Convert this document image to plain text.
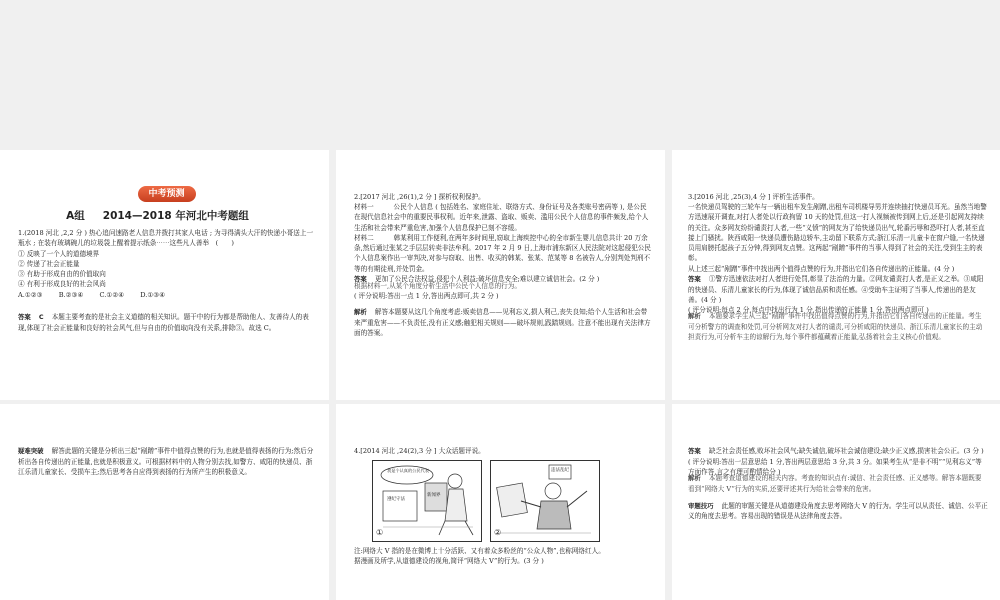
中考预测
A组 2014—2018 年河北中考题组

1.(2018 河北 ,2,2 分 ) 热心追问速路老人信息并拨打其家人电话 ; 为寻得满头大汗的快递小哥送上一瓶水 ; 在装有玻璃碗儿的垃圾袋上醒着提示纸条⋯⋯这些凡人善举　(　　)

① 反映了一个人的道德境界

② 传递了社会正能量

③ 有助于形成自由的价值取向

④ 有利于形成良好的社会风尚

A.①②③ B.②③④ C.①②④ D.①③④

答案 C 本题主要考查的是社会主义道德的相关知识。题干中的行为都是帮助他人、友善待人的表现,体现了社会正能量和良好的社会风气,但与自由的价值取向没有关系,排除③。故选 C。

2.[2017 河北 ,26(1),2 分 ] 探析权利保护。

材料一　　　公民个人信息 ( 包括姓名、家庭住址、联络方式、身份证号及各类账号密码等 ), 是公民在现代信息社会中的重要民事权利。近年来,泄露、盗取、贩卖、滥用公民个人信息的事件频发,给个人生活和社会带来严重危害,加强个人信息保护已刻不容缓。

材料二　　　韩某利用工作便利,在两年多时间里,窃取上海疾控中心的全市新生婴儿信息共计 20 万余条,然后通过张某之手层层转卖非法牟利。2017 年 2 月 9 日,上海市浦东新区人民法院对这起侵犯公民个人信息案作出一审判决,对参与窃取、出售、收买的韩某、张某、范某等 8 名被告人,分别判处判刑不等的有期徒刑,并处罚金。

答案 更加了公民合法权益,侵犯个人利益;破坏信息安全;难以建立诚信社会。(2 分 )

根据材料一,从某个角度分析生活中公民个人信息的行为。

( 评分说明:答出一点 1 分,答出两点即可,共 2 分 )

解析 解答本题要从这几个角度考虑:贩卖信息——见利忘义,损人利己,丧失良知;给个人生活和社会带来严重危害——不负责任,没有正义感;触犯相关规则——破坏规则,践踏规则。注意不能出现有关法律方面的答案。

3.[2016 河北 ,25(3),4 分 ] 评析生活事件。

一名快递员驾驶的三轮车与一辆出租车发生剐蹭,出租车司机楼导男并连续抽打快递员耳光。虽然当地警方迅速展开调查,对打人者处以行政拘留 10 天的处罚,但这一打人视频被传到网上后,还是引起网友持续的关注。众多网友纷纷谴责打人者,一些“义愤”的网友为了给快递员出气,轮番污辱和恐吓打人者,甚至直接上门骚扰。陕西咸阳一快递员遭伤路边轿车,主动留下联系方式;浙江乐清一儿童卡在窗户缝,一名快递员用肩膀托起孩子五分钟,得到网友点赞。这两起“剐蹭”事件的当事人得到了社会的关注,受到生主的表彰。

从上述三起“剐蹭”事件中找出两个值得点赞的行为,并指出它们各自传递出的正能量。(4 分 )

答案 ①警方迅速依法对打人者进行处罚,彰显了法治的力量。②网友谴责打人者,是正义之举。③咸阳的快递员、乐清儿童家长的行为,体现了诚信品质和责任感。④受助车主证明了当事人,传递出的是友善。(4 分 )

( 评分说明:每点 2 分,每点中找出行为 1 分,指出传递的正能量 1 分,答出两点即可 )

解析 本题要求学生从三起“剐蹭”事件中找出值得点赞的行为,并指出它们各自传递出的正能量。考生可分析警方的调查和处罚,可分析网友对打人者的谴责,可分析咸阳的快递员、浙江乐清儿童家长的主动担责行为,可分析车主的谅解行为,每个事件都蕴藏着正能量,弘扬着社会主义核心价值观。

疑难突破 解答此题的关键是分析出三起“剐蹭”事件中值得点赞的行为,也就是值得表扬的行为;然后分析出各自传递出的正能量,也就是积极意义。可根据材料中的人物分别去找,如警方、咸阳的快递员、浙江乐清儿童家长、受损车主;然后思考各自应得到表扬的行为所产生的积极意义。

4.[2014 河北 ,24(2),3 分 ] 大众话题评说。

我是个认真的公民代表
遵纪守法
新闻界
①
违法乱纪
②

注:网络大 V 指的是在微博上十分活跃、又有着众多粉丝的“公众人物”,也称网络红人。

据漫画及所学,从道德建设的视角,简评“网络大 V”的行为。(3 分 )

答案 缺乏社会责任感,败坏社会风气;缺失诚信,破坏社会诚信建设;缺少正义感,损害社会公正。(3 分 )

( 评分说明:答出一层意思给 1 分,答出两层意思给 3 分,共 3 分。如果考生从“是非不明”“见利忘义”等方面作答,言之有理可酌情给分 )

解析 本题考查道德建设的相关内容。考查的知识点有:诚信、社会责任感、正义感等。解答本题既要看到“网络大 V”行为的实质,还要评述其行为给社会带来的危害。

审题技巧 此题的审题关键是从道德建设角度去思考网络大 V 的行为。学生可以从责任、诚信、公平正义的角度去思考。容易出现的错误是从法律角度去答。
